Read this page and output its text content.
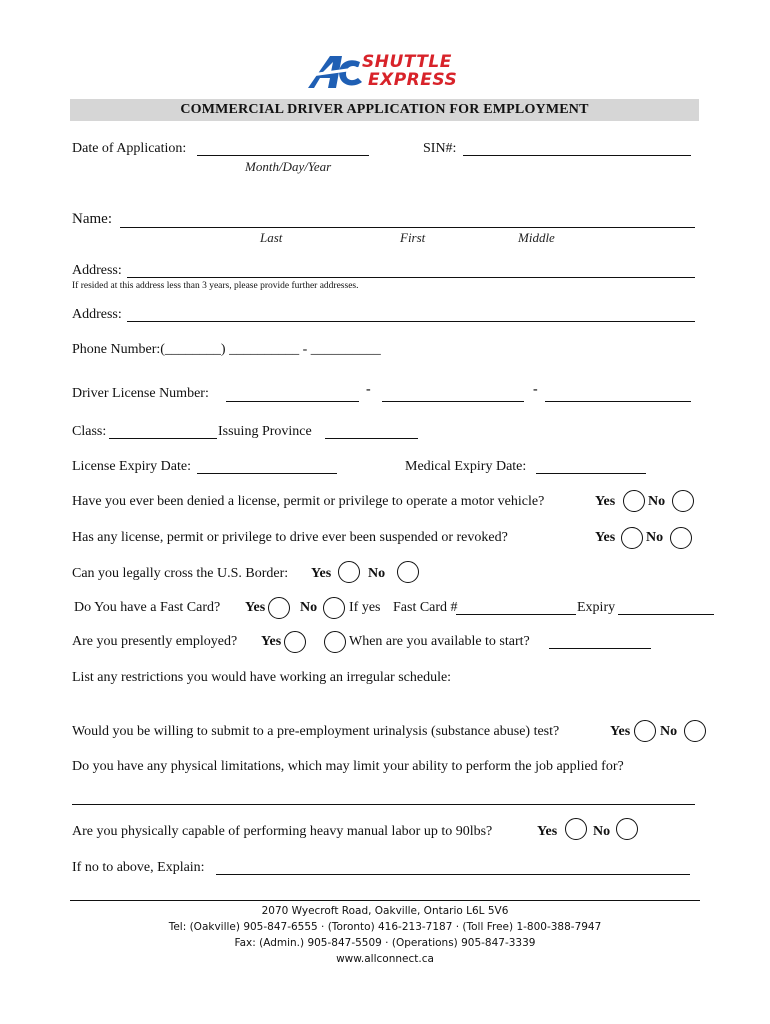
SHUTTLE
EXPRESS
COMMERCIAL DRIVER APPLICATION FOR EMPLOYMENT
Date of Application:
Month/Day/Year
SIN#:
Name:
Last	First	Middle
Address:
If resided at this address less than 3 years, please provide further addresses.
Address:
Phone Number:(________) __________ - __________
Driver License Number:	-	-
Class:	Issuing Province
License Expiry Date:	Medical Expiry Date:
Have you ever been denied a license, permit or privilege to operate a motor vehicle?	Yes No
Has any license, permit or privilege to drive ever been suspended or revoked?	Yes No
Can you legally cross the U.S. Border: Yes	No
Do You have a Fast Card? Yes No If yes Fast Card #	Expiry
Are you presently employed? Yes	When are you available to start?
List any restrictions you would have working an irregular schedule:
Would you be willing to submit to a pre-employment urinalysis (substance abuse) test?	Yes No
Do you have any physical limitations, which may limit your ability to perform the job applied for?
Are you physically capable of performing heavy manual labor up to 90lbs?	Yes	No
If no to above, Explain:
2070 Wyecroft Road, Oakville, Ontario L6L 5V6
Tel: (Oakville) 905-847-6555 · (Toronto) 416-213-7187 · (Toll Free) 1-800-388-7947
Fax: (Admin.) 905-847-5509 · (Operations) 905-847-3339
www.allconnect.ca
